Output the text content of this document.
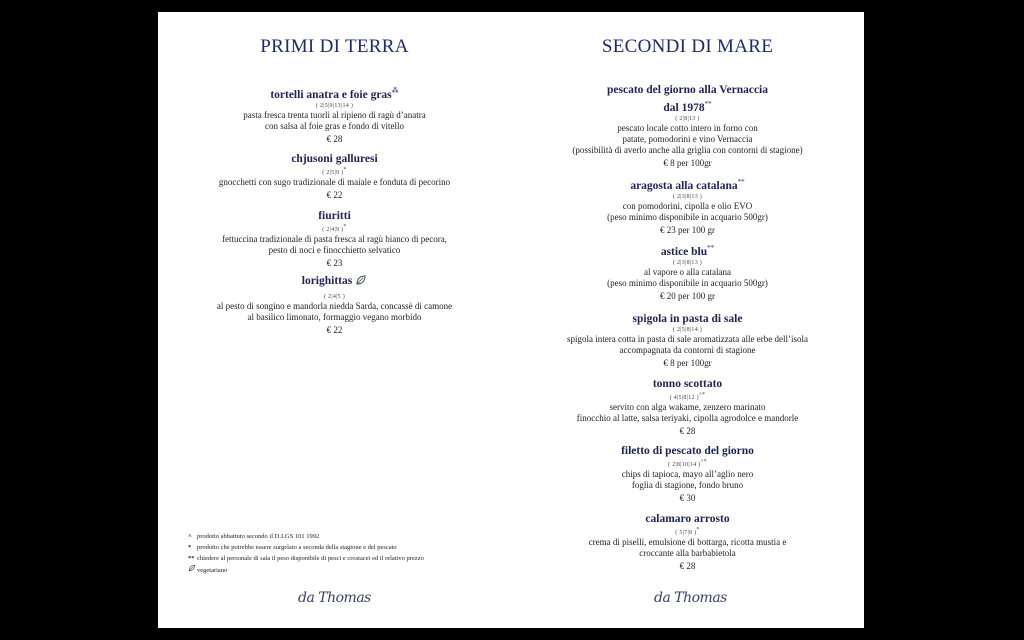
PRIMI DI TERRA
tortelli anatra e foie gras⁂
( 2|5|9|13|14 )
pasta fresca trenta tuorli al ripieno di ragù d’anatra
con salsa al foie gras e fondo di vitello
€ 28
chjusoni galluresi
( 2|5|9 )*
gnocchetti con sugo tradizionale di maiale e fonduta di pecorino
€ 22
fiuritti
( 2|4|9 )*
fettuccina tradizionale di pasta fresca al ragù bianco di pecora,
pesto di noci e finocchietto selvatico
€ 23
lorighittas
( 2|4|5 )
al pesto di songino e mandorla niedda Sarda, concassè di camone
al basilico limonato, formaggio vegano morbido
€ 22
^ prodotto abbattuto secondo il D.LGS 101 1992
* prodotto che potrebbe essere surgelato a seconda della stagione e del pescato
** chiedere al personale di sala il peso disponibile di pesci e crostacei ed il relativo prezzo
vegetariano
da Thomas
SECONDI DI MARE
pescato del giorno alla Vernaccia
dal 1978**
( 2|8|13 )
pescato locale cotto intero in forno con
patate, pomodorini e vino Vernaccia
(possibilità di averlo anche alla griglia con contorni di stagione)
€ 8 per 100gr
aragosta alla catalana**
( 2|3|8|13 )
con pomodorini, cipolla e olio EVO
(peso minimo disponibile in acquario 500gr)
€ 23 per 100 gr
astice blu**
( 2|3|8|13 )
al vapore o alla catalana
(peso minimo disponibile in acquario 500gr)
€ 20 per 100 gr
spigola in pasta di sale
( 2|5|8|14 )
spigola intera cotta in pasta di sale aromatizzata alle erbe dell’isola
accompagnata da contorni di stagione
€ 8 per 100gr
tonno scottato
( 4|5|8|12 )^*
servito con alga wakame, zenzero marinato
finocchio al latte, salsa teriyaki, cipolla agrodolce e mandorle
€ 28
filetto di pescato del giorno
( 2|8|10|14 )^*
chips di tapioca, mayo all’aglio nero
foglia di stagione, fondo bruno
€ 30
calamaro arrosto
( 5|7|8 )*
crema di piselli, emulsione di bottarga, ricotta mustia e
croccante alla barbabietola
€ 28
da Thomas
